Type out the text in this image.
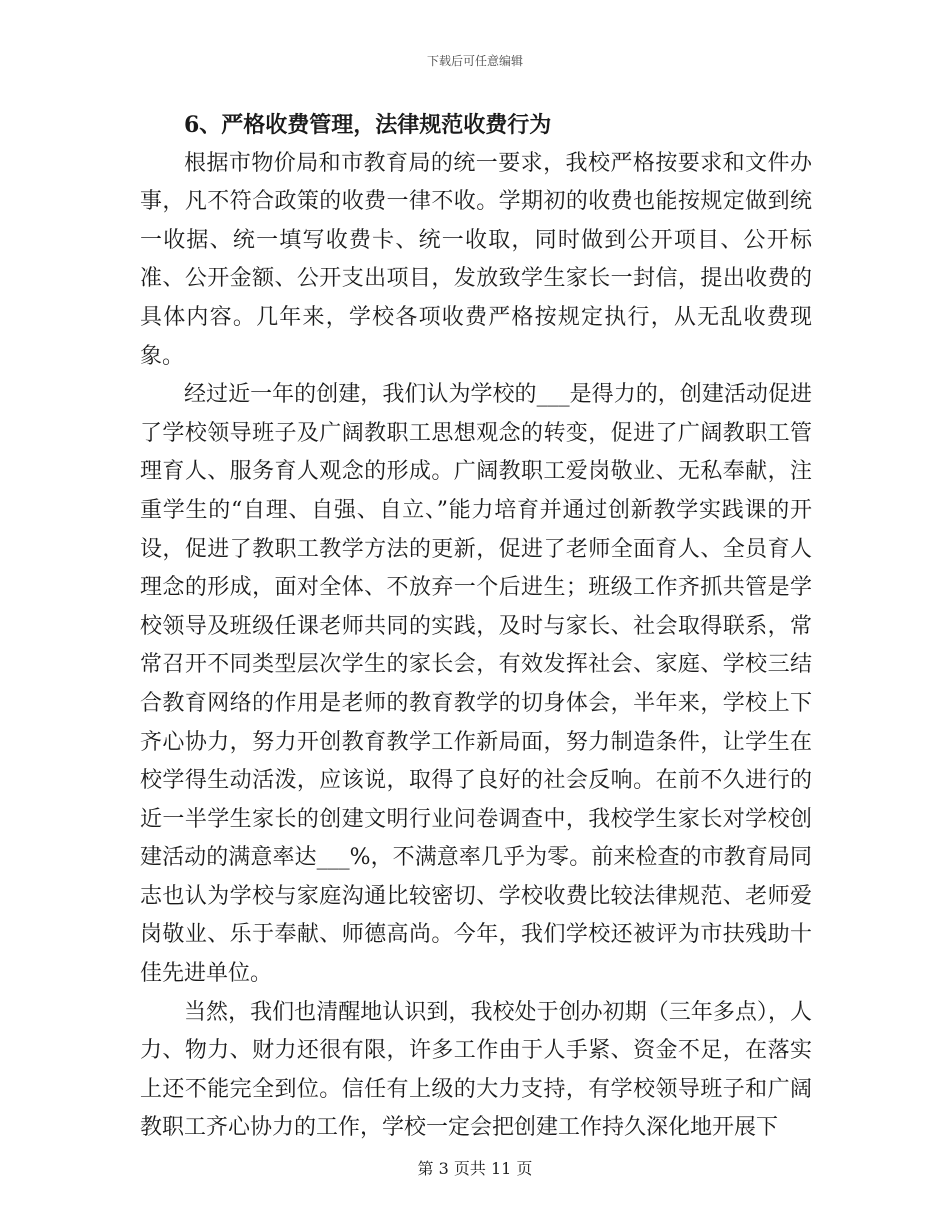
下载后可任意编辑

6、严格收费管理，法律规范收费行为

根据市物价局和市教育局的统一要求，我校严格按要求和文件办事，凡不符合政策的收费一律不收。学期初的收费也能按规定做到统一收据、统一填写收费卡、统一收取，同时做到公开项目、公开标准、公开金额、公开支出项目，发放致学生家长一封信，提出收费的具体内容。几年来，学校各项收费严格按规定执行，从无乱收费现象。

经过近一年的创建，我们认为学校的___是得力的，创建活动促进了学校领导班子及广阔教职工思想观念的转变，促进了广阔教职工管理育人、服务育人观念的形成。广阔教职工爱岗敬业、无私奉献，注重学生的“自理、自强、自立、”能力培育并通过创新教学实践课的开设，促进了教职工教学方法的更新，促进了老师全面育人、全员育人理念的形成，面对全体、不放弃一个后进生；班级工作齐抓共管是学校领导及班级任课老师共同的实践，及时与家长、社会取得联系，常常召开不同类型层次学生的家长会，有效发挥社会、家庭、学校三结合教育网络的作用是老师的教育教学的切身体会，半年来，学校上下齐心协力，努力开创教育教学工作新局面，努力制造条件，让学生在校学得生动活泼，应该说，取得了良好的社会反响。在前不久进行的近一半学生家长的创建文明行业问卷调查中，我校学生家长对学校创建活动的满意率达___%，不满意率几乎为零。前来检查的市教育局同志也认为学校与家庭沟通比较密切、学校收费比较法律规范、老师爱岗敬业、乐于奉献、师德高尚。今年，我们学校还被评为市扶残助十佳先进单位。

当然，我们也清醒地认识到，我校处于创办初期（三年多点），人力、物力、财力还很有限，许多工作由于人手紧、资金不足，在落实上还不能完全到位。信任有上级的大力支持，有学校领导班子和广阔教职工齐心协力的工作，学校一定会把创建工作持久深化地开展下

第 3 页共 11 页
